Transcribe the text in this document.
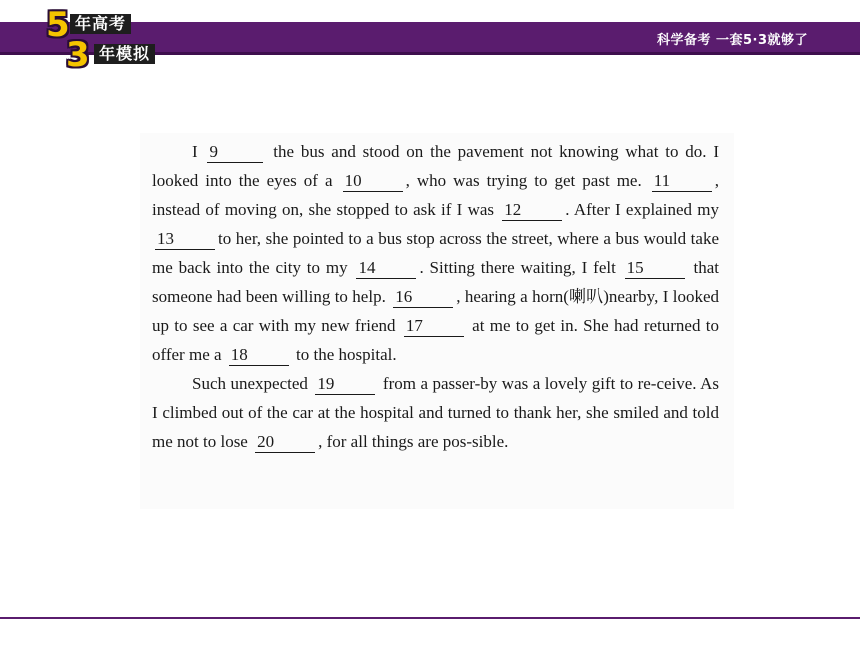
科学备考 一套5·3就够了
5 年高考
3 年模拟

I 9	the bus and stood on the pavement not knowing what to do. I looked into the eyes of a 10	, who was trying to get past me. 11	, instead of moving on, she stopped to ask if I was 12	. After I explained my 13	to her, she pointed to a bus stop across the street, where a bus would take me back into the city to my 14	. Sitting there waiting, I felt 15	that someone had been willing to help. 16	, hearing a horn(喇叭)nearby, I looked up to see a car with my new friend 17	at me to get in. She had returned to offer me a 18	to the hospital.

Such unexpected 19	from a passer-by was a lovely gift to re-ceive. As I climbed out of the car at the hospital and turned to thank her, she smiled and told me not to lose 20	, for all things are pos-sible.
